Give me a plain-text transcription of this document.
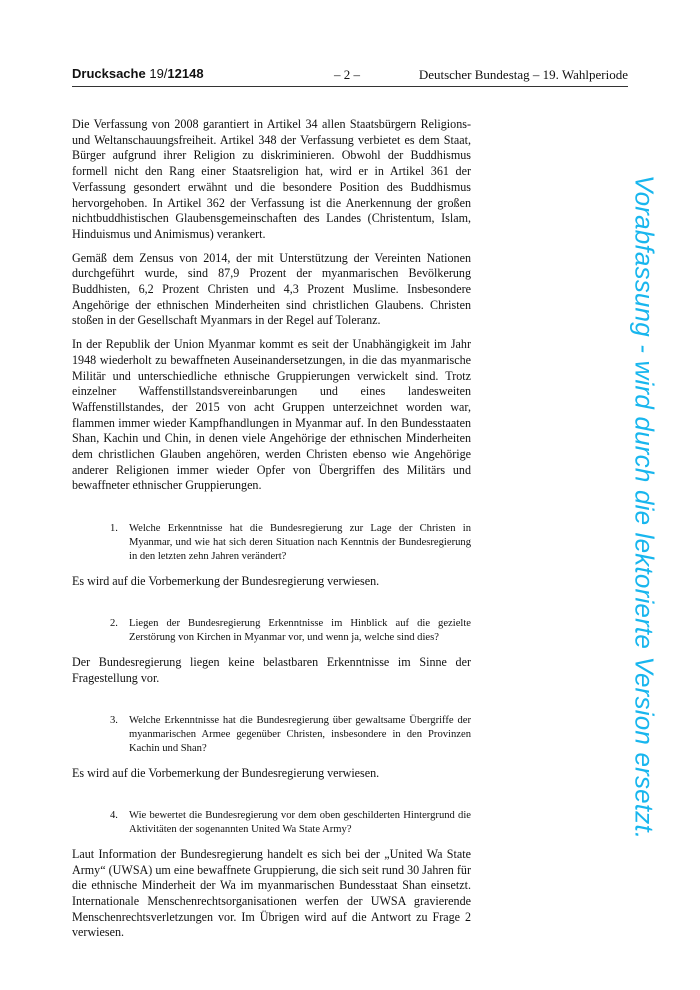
Drucksache 19/12148	– 2 –	Deutscher Bundestag – 19. Wahlperiode

Die Verfassung von 2008 garantiert in Artikel 34 allen Staatsbürgern Religions- und Weltanschauungsfreiheit. Artikel 348 der Verfassung verbietet es dem Staat, Bürger aufgrund ihrer Religion zu diskriminieren. Obwohl der Buddhismus formell nicht den Rang einer Staatsreligion hat, wird er in Artikel 361 der Verfassung gesondert erwähnt und die besondere Position des Buddhismus hervorgehoben. In Artikel 362 der Verfassung ist die Anerkennung der großen nichtbuddhistischen Glaubensgemeinschaften des Landes (Christentum, Islam, Hinduismus und Animismus) verankert.

Gemäß dem Zensus von 2014, der mit Unterstützung der Vereinten Nationen durchgeführt wurde, sind 87,9 Prozent der myanmarischen Bevölkerung Buddhisten, 6,2 Prozent Christen und 4,3 Prozent Muslime. Insbesondere Angehörige der ethnischen Minderheiten sind christlichen Glaubens. Christen stoßen in der Gesellschaft Myanmars in der Regel auf Toleranz.

In der Republik der Union Myanmar kommt es seit der Unabhängigkeit im Jahr 1948 wiederholt zu bewaffneten Auseinandersetzungen, in die das myanmarische Militär und unterschiedliche ethnische Gruppierungen verwickelt sind. Trotz einzelner Waffenstillstandsvereinbarungen und eines landesweiten Waffenstillstandes, der 2015 von acht Gruppen unterzeichnet worden war, flammen immer wieder Kampfhandlungen in Myanmar auf. In den Bundesstaaten Shan, Kachin und Chin, in denen viele Angehörige der ethnischen Minderheiten dem christlichen Glauben angehören, werden Christen ebenso wie Angehörige anderer Religionen immer wieder Opfer von Übergriffen des Militärs und bewaffneter ethnischer Gruppierungen.

1.	Welche Erkenntnisse hat die Bundesregierung zur Lage der Christen in Myanmar, und wie hat sich deren Situation nach Kenntnis der Bundesregierung in den letzten zehn Jahren verändert?

Es wird auf die Vorbemerkung der Bundesregierung verwiesen.

2.	Liegen der Bundesregierung Erkenntnisse im Hinblick auf die gezielte Zerstörung von Kirchen in Myanmar vor, und wenn ja, welche sind dies?

Der Bundesregierung liegen keine belastbaren Erkenntnisse im Sinne der Fragestellung vor.

3.	Welche Erkenntnisse hat die Bundesregierung über gewaltsame Übergriffe der myanmarischen Armee gegenüber Christen, insbesondere in den Provinzen Kachin und Shan?

Es wird auf die Vorbemerkung der Bundesregierung verwiesen.

4.	Wie bewertet die Bundesregierung vor dem oben geschilderten Hintergrund die Aktivitäten der sogenannten United Wa State Army?

Laut Information der Bundesregierung handelt es sich bei der „United Wa State Army“ (UWSA) um eine bewaffnete Gruppierung, die sich seit rund 30 Jahren für die ethnische Minderheit der Wa im myanmarischen Bundesstaat Shan einsetzt. Internationale Menschenrechtsorganisationen werfen der UWSA gravierende Menschenrechtsverletzungen vor. Im Übrigen wird auf die Antwort zu Frage 2 verwiesen.

Vorabfassung - wird durch die lektorierte Version ersetzt.
